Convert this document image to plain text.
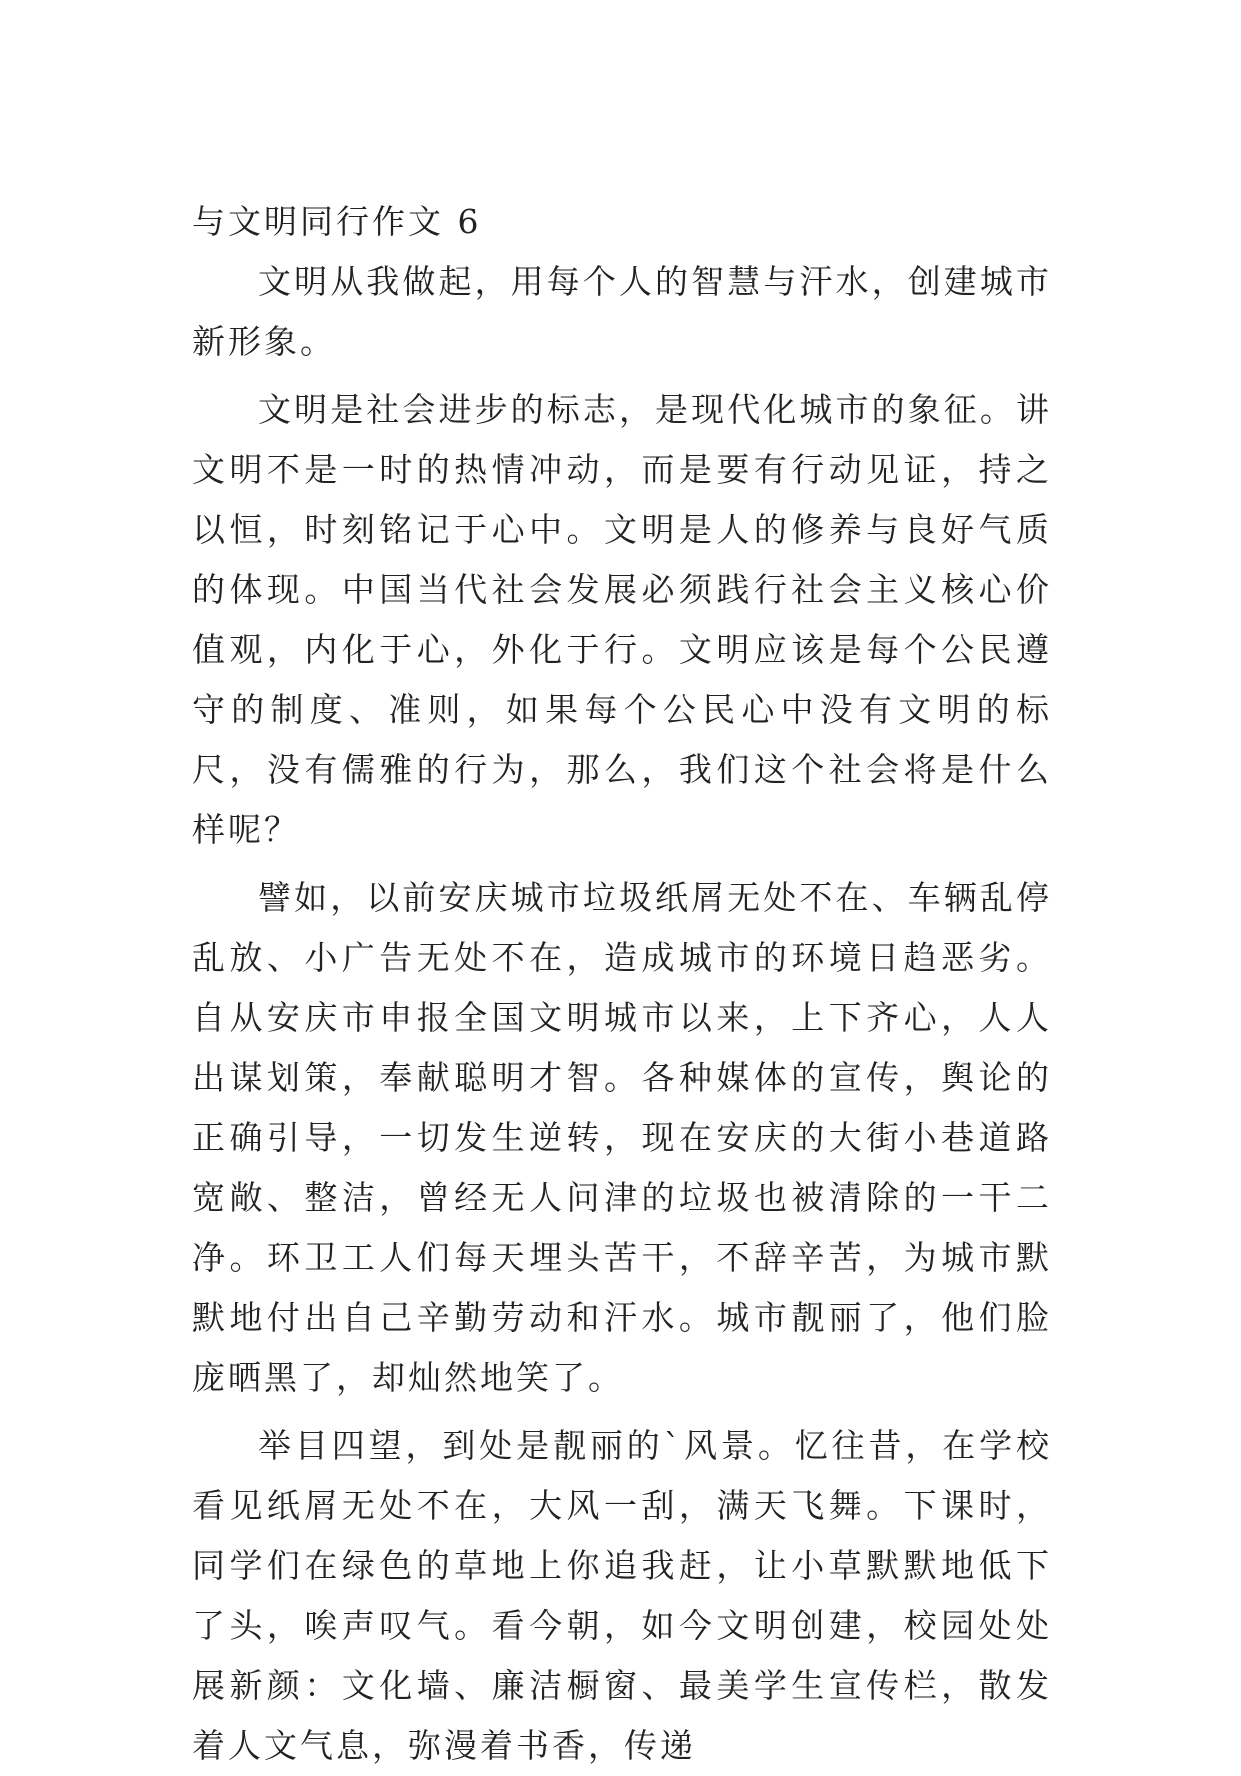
与文明同行作文 6

文明从我做起，用每个人的智慧与汗水，创建城市新形象。

文明是社会进步的标志，是现代化城市的象征。讲文明不是一时的热情冲动，而是要有行动见证，持之以恒，时刻铭记于心中。文明是人的修养与良好气质的体现。中国当代社会发展必须践行社会主义核心价值观，内化于心，外化于行。文明应该是每个公民遵守的制度、准则，如果每个公民心中没有文明的标尺，没有儒雅的行为，那么，我们这个社会将是什么样呢？

譬如，以前安庆城市垃圾纸屑无处不在、车辆乱停乱放、小广告无处不在，造成城市的环境日趋恶劣。自从安庆市申报全国文明城市以来，上下齐心，人人出谋划策，奉献聪明才智。各种媒体的宣传，舆论的正确引导，一切发生逆转，现在安庆的大街小巷道路宽敞、整洁，曾经无人问津的垃圾也被清除的一干二净。环卫工人们每天埋头苦干，不辞辛苦，为城市默默地付出自己辛勤劳动和汗水。城市靓丽了，他们脸庞晒黑了，却灿然地笑了。

举目四望，到处是靓丽的`风景。忆往昔，在学校看见纸屑无处不在，大风一刮，满天飞舞。下课时，同学们在绿色的草地上你追我赶，让小草默默地低下了头，唉声叹气。看今朝，如今文明创建，校园处处展新颜：文化墙、廉洁橱窗、最美学生宣传栏，散发着人文气息，弥漫着书香，传递
